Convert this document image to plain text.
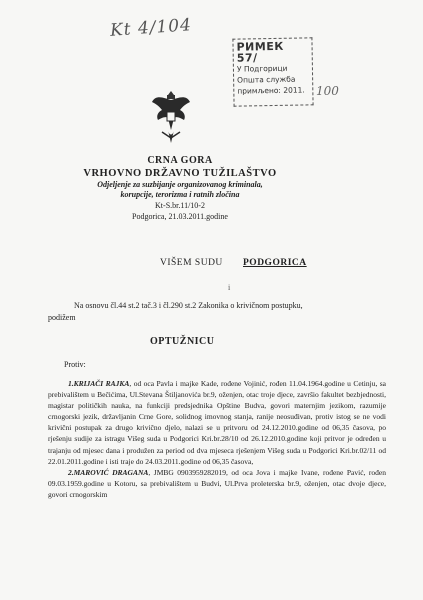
Kt 4/104
РИМЕК 57/
У Подгорици
Општа служба
примљено: 2011. 100
CRNA GORA
VRHOVNO DRŽAVNO TUŽILAŠTVO
Odjeljenje za suzbijanje organizovanog kriminala,
korupcije, terorizma i ratnih zločina
Kt-S.br.11/10-2
Podgorica, 21.03.2011.godine
VIŠEM SUDU PODGORICA
i
Na osnovu čl.44 st.2 tač.3 i čl.290 st.2 Zakonika o krivičnom postupku,
podižem
OPTUŽNICU
Protiv:

1.KRIJAČI RAJKA, od oca Pavla i majke Kade, rođene Vojinić, rođen 11.04.1964.godine u Cetinju, sa prebivalištem u Bečićima, Ul.Stevana Štiljanovića br.9, oženjen, otac troje djece, završio fakultet bezbjednosti, magistar političkih nauka, na funkciji predsjednika Opštine Budva, govori maternjim jezikom, razumije crnogorski jezik, državljanin Crne Gore, solidnog imovnog stanja, ranije neosuđivan, protiv istog se ne vodi krivični postupak za drugo krivično djelo, nalazi se u pritvoru od 24.12.2010.godine od 06,35 časova, po rješenju sudije za istragu Višeg suda u Podgorici Kri.br.28/10 od 26.12.2010.godine koji pritvor je određen u trajanju od mjesec dana i produžen za period od dva mjeseca rješenjem Višeg suda u Podgorici Kri.br.02/11 od 22.01.2011.godine i isti traje do 24.03.2011.godine od 06,35 časova,

2.MAROVIĆ DRAGANA, JMBG 0903959282019, od oca Jova i majke Ivane, rođene Pavić, rođen 09.03.1959.godine u Kotoru, sa prebivalištem u Budvi, Ul.Prva proleterska br.9, oženjen, otac dvoje djece, govori crnogorskim
